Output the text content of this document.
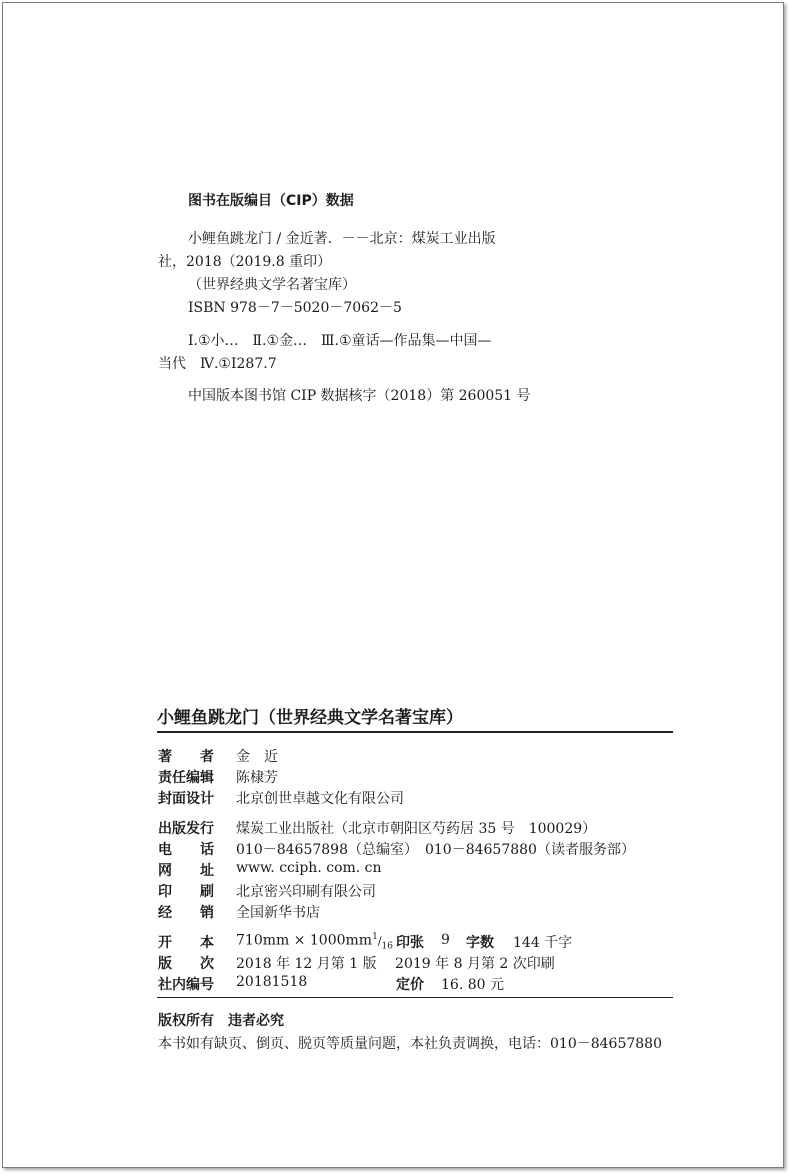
图书在版编目（CIP）数据
小鲤鱼跳龙门 / 金近著．－－北京：煤炭工业出版
社，2018（2019.8 重印）
（世界经典文学名著宝库）
ISBN 978－7－5020－7062－5
Ⅰ.①小…　Ⅱ.①金…　Ⅲ.①童话—作品集—中国—
当代　Ⅳ.①I287.7
中国版本图书馆 CIP 数据核字（2018）第 260051 号
小鲤鱼跳龙门（世界经典文学名著宝库）
著　　者 金　近
责任编辑 陈棣芳
封面设计 北京创世卓越文化有限公司
出版发行 煤炭工业出版社（北京市朝阳区芍药居 35 号　100029）
电　　话 010－84657898（总编室）　010－84657880（读者服务部）
网　　址 www. cciph. com. cn
印　　刷 北京密兴印刷有限公司
经　　销 全国新华书店
开　　本 $710mm \times 1000mm^1/_{16}$ 印张 9 字数 144 千字
版　　次 2018 年 12 月第 1 版　 2019 年 8 月第 2 次印刷
社内编号 20181518	定价 16. 80 元
版权所有　违者必究
本书如有缺页、倒页、脱页等质量问题，本社负责调换，电话：010－84657880
